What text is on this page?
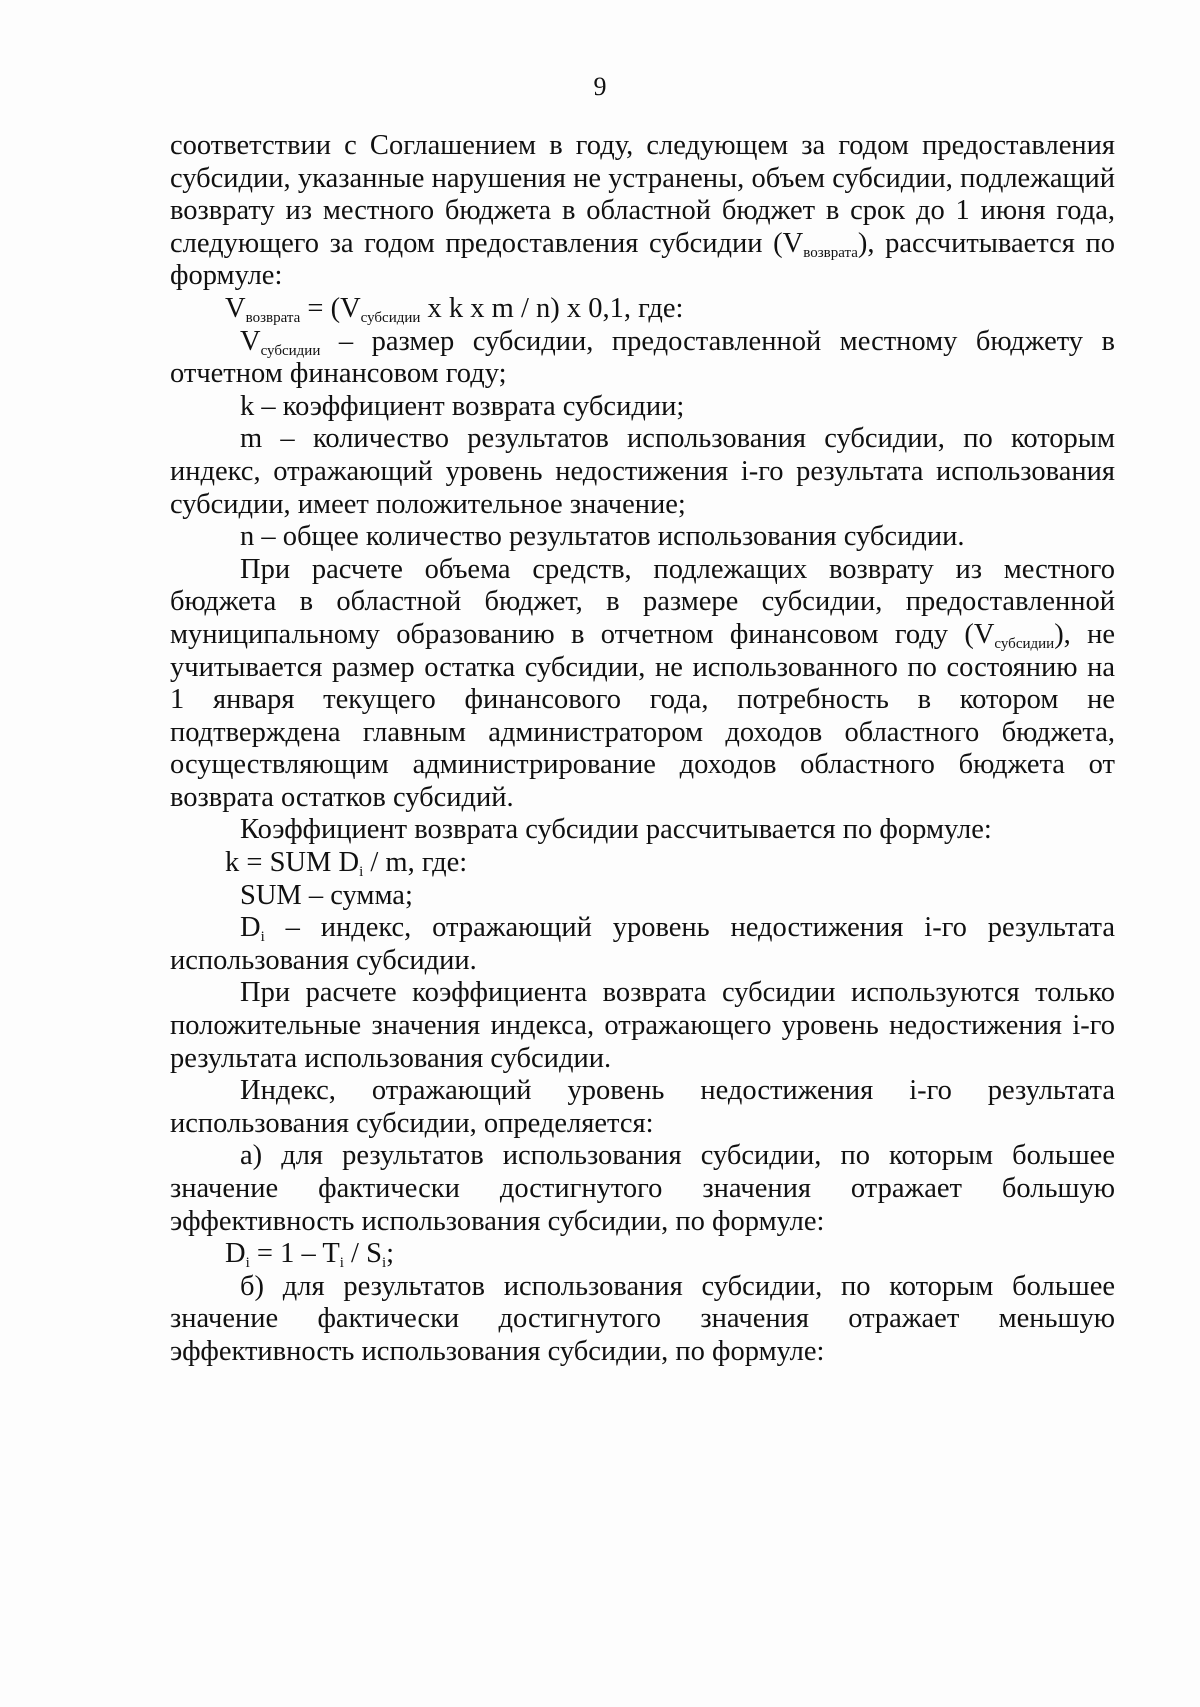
9

соответствии с Соглашением в году, следующем за годом предоставления субсидии, указанные нарушения не устранены, объем субсидии, подлежащий возврату из местного бюджета в областной бюджет в срок до 1 июня года, следующего за годом предоставления субсидии $(V_{возврата})$, рассчитывается по формуле:

$V_{возврата} = (V_{субсидии}$ x k x m / n) x 0,1, где:

$V_{субсидии}$ – размер субсидии, предоставленной местному бюджету в отчетном финансовом году;

k – коэффициент возврата субсидии;

m – количество результатов использования субсидии, по которым индекс, отражающий уровень недостижения i-го результата использования субсидии, имеет положительное значение;

n – общее количество результатов использования субсидии.

При расчете объема средств, подлежащих возврату из местного бюджета в областной бюджет, в размере субсидии, предоставленной муниципальному образованию в отчетном финансовом году $(V_{субсидии})$, не учитывается размер остатка субсидии, не использованного по состоянию на 1 января текущего финансового года, потребность в котором не подтверждена главным администратором доходов областного бюджета, осуществляющим администрирование доходов областного бюджета от возврата остатков субсидий.

Коэффициент возврата субсидии рассчитывается по формуле:

k = SUM $D_i$ / m, где:

SUM – сумма;

$D_i$ – индекс, отражающий уровень недостижения i-го результата использования субсидии.

При расчете коэффициента возврата субсидии используются только положительные значения индекса, отражающего уровень недостижения i-го результата использования субсидии.

Индекс, отражающий уровень недостижения i-го результата использования субсидии, определяется:

а) для результатов использования субсидии, по которым большее значение фактически достигнутого значения отражает большую эффективность использования субсидии, по формуле:

$D_i = 1 - T_i / S_i$;

б) для результатов использования субсидии, по которым большее значение фактически достигнутого значения отражает меньшую эффективность использования субсидии, по формуле:
